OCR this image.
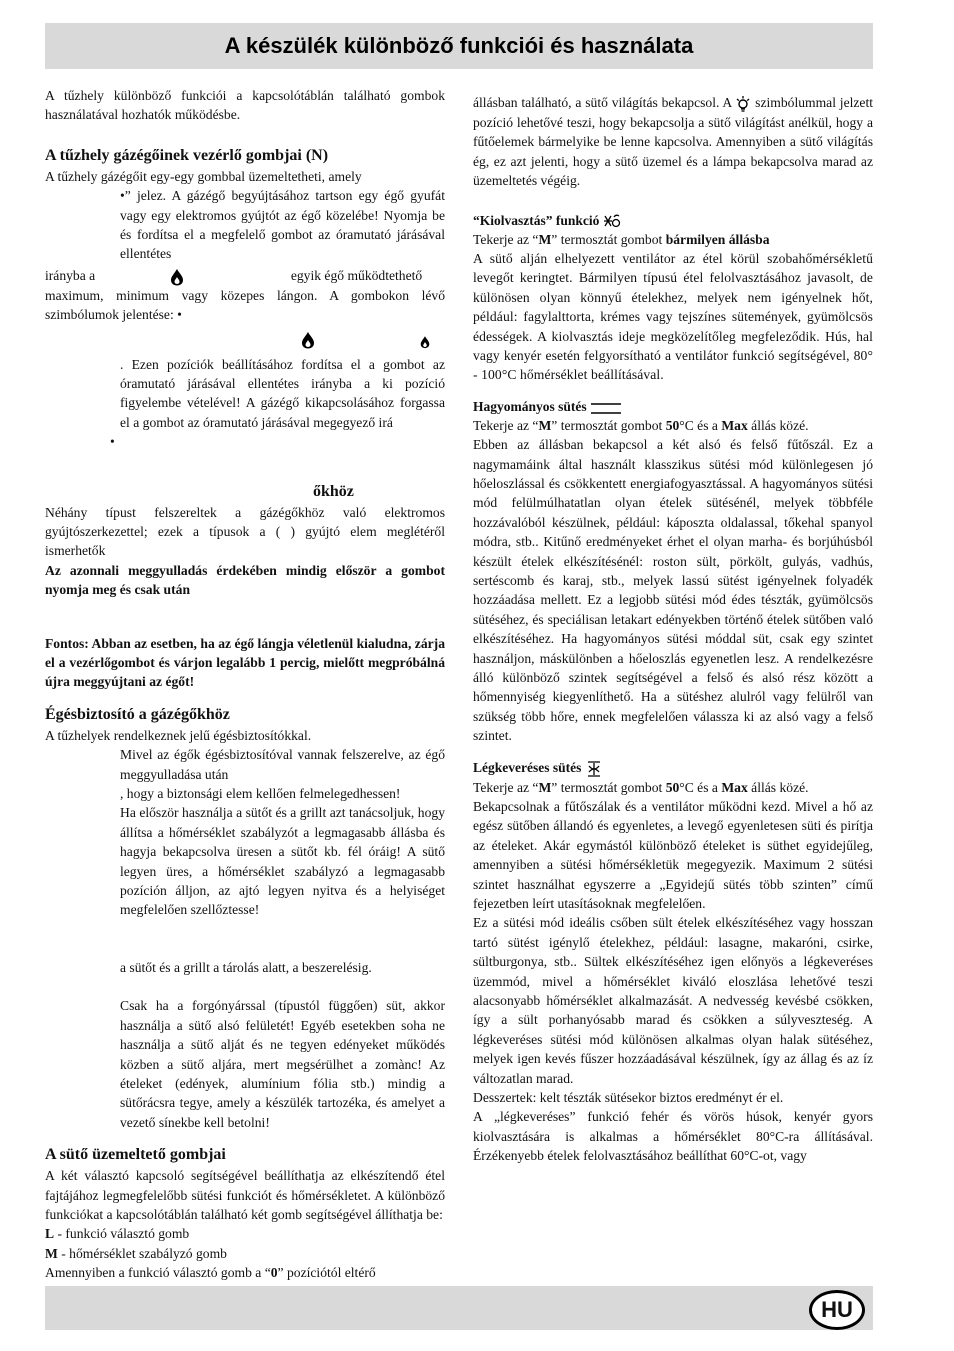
A készülék különböző funkciói és használata

A tűzhely különböző funkciói a kapcsolótáblán található gombok használatával hozhatók működésbe.

A tűzhely gázégőinek vezérlő gombjai (N)

A tűzhely gázégőit egy-egy gombbal üzemeltetheti, amely

•” jelez. A gázégő begyújtásához tartson egy égő gyufát vagy egy elektromos gyújtót az égő közelébe! Nyomja be és fordítsa el a megfelelő gombot az óramutató járásával ellentétes

irányba a	egyik égő működtethető

maximum, minimum vagy közepes lángon. A gombokon lévő szimbólumok jelentése: •

. Ezen pozíciók beállításához fordítsa el a gombot az óramutató járásával ellentétes irányba a ki pozíció figyelembe vételével! A gázégő kikapcsolásához forgassa el a gombot az óramutató járásával megegyező irá

•

őkhöz

Néhány típust felszereltek a gázégőkhöz való elektromos gyújtószerkezettel; ezek a típusok a ( ) gyújtó elem meglétéről ismerhetők

Az azonnali meggyulladás érdekében mindig először a gombot nyomja meg és csak után

Fontos: Abban az esetben, ha az égő lángja véletlenül kialudna, zárja el a vezérlőgombot és várjon legalább 1 percig, mielőtt megpróbálná újra meggyújtani az égőt!

Égésbiztosító a gázégőkhöz

A tűzhelyek rendelkeznek jelű égésbiztosítókkal.

Mivel az égők égésbiztosítóval vannak felszerelve, az égő meggyulladása után

, hogy a biztonsági elem kellően felmelegedhessen!

Ha először használja a sütőt és a grillt azt tanácsoljuk, hogy állítsa a hőmérséklet szabályzót a legmagasabb állásba és hagyja bekapcsolva üresen a sütőt kb. fél óráig! A sütő legyen üres, a hőmérséklet szabályzó a legmagasabb pozíción álljon, az ajtó legyen nyitva és a helyiséget megfelelően szellőztesse!

a sütőt és a grillt a tárolás alatt, a beszerelésig.

Csak ha a forgónyárssal (típustól függően) süt, akkor használja a sütő alsó felületét! Egyéb esetekben soha ne használja a sütő alját és ne tegyen edényeket működés közben a sütő aljára, mert megsérülhet a zomànc! Az ételeket (edények, alumínium fólia stb.) mindig a sütőrácsra tegye, amely a készülék tartozéka, és amelyet a vezető sínekbe kell betolni!

A sütő üzemeltető gombjai

A két választó kapcsoló segítségével beállíthatja az elkészítendő étel fajtájához legmegfelelőbb sütési funkciót és hőmérsékletet. A különböző funkciókat a kapcsolótáblán található két gomb segítségével állíthatja be:

L - funkció választó gomb

M - hőmérséklet szabályzó gomb

Amennyiben a funkció választó gomb a “0” pozíciótól eltérő

állásban található, a sütő világítás bekapcsol. A szimbólummal jelzett pozíció lehetővé teszi, hogy bekapcsolja a sütő világítást anélkül, hogy a fűtőelemek bármelyike be lenne kapcsolva. Amennyiben a sütő világítás ég, ez azt jelenti, hogy a sütő üzemel és a lámpa bekapcsolva marad az üzemeltetés végéig.

“Kiolvasztás” funkció

Tekerje az “M” termosztát gombot bármilyen állásba

A sütő alján elhelyezett ventilátor az étel körül szobahőmérsékletű levegőt keringtet. Bármilyen típusú étel felolvasztásához javasolt, de különösen olyan könnyű ételekhez, melyek nem igényelnek hőt, például: fagylalttorta, krémes vagy tejszínes sütemények, gyümölcsös édességek. A kiolvasztás ideje megközelítőleg megfeleződik. Hús, hal vagy kenyér esetén felgyorsítható a ventilátor funkció segítségével, 80° - 100°C hőmérséklet beállításával.

Hagyományos sütés

Tekerje az “M” termosztát gombot 50°C és a Max állás közé.

Ebben az állásban bekapcsol a két alsó és felső fűtőszál. Ez a nagymamáink által használt klasszikus sütési mód különlegesen jó hőeloszlással és csökkentett energiafogyasztással. A hagyományos sütési mód felülmúlhatatlan olyan ételek sütésénél, melyek többféle hozzávalóból készülnek, például: káposzta oldalassal, tőkehal spanyol módra, stb.. Kitűnő eredményeket érhet el olyan marha- és borjúhúsból készült ételek elkészítésénél: roston sült, pörkölt, gulyás, vadhús, sertéscomb és karaj, stb., melyek lassú sütést igényelnek folyadék hozzáadása mellett. Ez a legjobb sütési mód édes tészták, gyümölcsös sütéséhez, és speciálisan letakart edényekben történő ételek sütőben való elkészítéséhez. Ha hagyományos sütési móddal süt, csak egy szintet használjon, máskülönben a hőeloszlás egyenetlen lesz. A rendelkezésre álló különböző szintek segítségével a felső és alsó rész között a hőmennyiség kiegyenlíthető. Ha a sütéshez alulról vagy felülről van szükség több hőre, ennek megfelelően válassza ki az alsó vagy a felső szintet.

Légkeveréses sütés

Tekerje az “M” termosztát gombot 50°C és a Max állás közé.

Bekapcsolnak a fűtőszálak és a ventilátor működni kezd. Mivel a hő az egész sütőben állandó és egyenletes, a levegő egyenletesen süti és pirítja az ételeket. Akár egymástól különböző ételeket is süthet egyidejűleg, amennyiben a sütési hőmérsékletük megegyezik. Maximum 2 sütési szintet használhat egyszerre a „Egyidejű sütés több szinten” című fejezetben leírt utasításoknak megfelelően.

Ez a sütési mód ideális csőben sült ételek elkészítéséhez vagy hosszan tartó sütést igénylő ételekhez, például: lasagne, makaróni, csirke, sültburgonya, stb.. Sültek elkészítéséhez igen előnyös a légkeveréses üzemmód, mivel a hőmérséklet kiváló eloszlása lehetővé teszi alacsonyabb hőmérséklet alkalmazását. A nedvesség kevésbé csökken, így a sült porhanyósabb marad és csökken a súlyveszteség. A légkeveréses sütési mód különösen alkalmas olyan halak sütéséhez, melyek igen kevés fűszer hozzáadásával készülnek, így az állag és az íz változatlan marad.

Desszertek: kelt tészták sütésekor biztos eredményt ér el.

A „légkeveréses” funkció fehér és vörös húsok, kenyér gyors kiolvasztására is alkalmas a hőmérséklet 80°C-ra állításával. Érzékenyebb ételek felolvasztásához beállíthat 60°C-ot, vagy

HU
